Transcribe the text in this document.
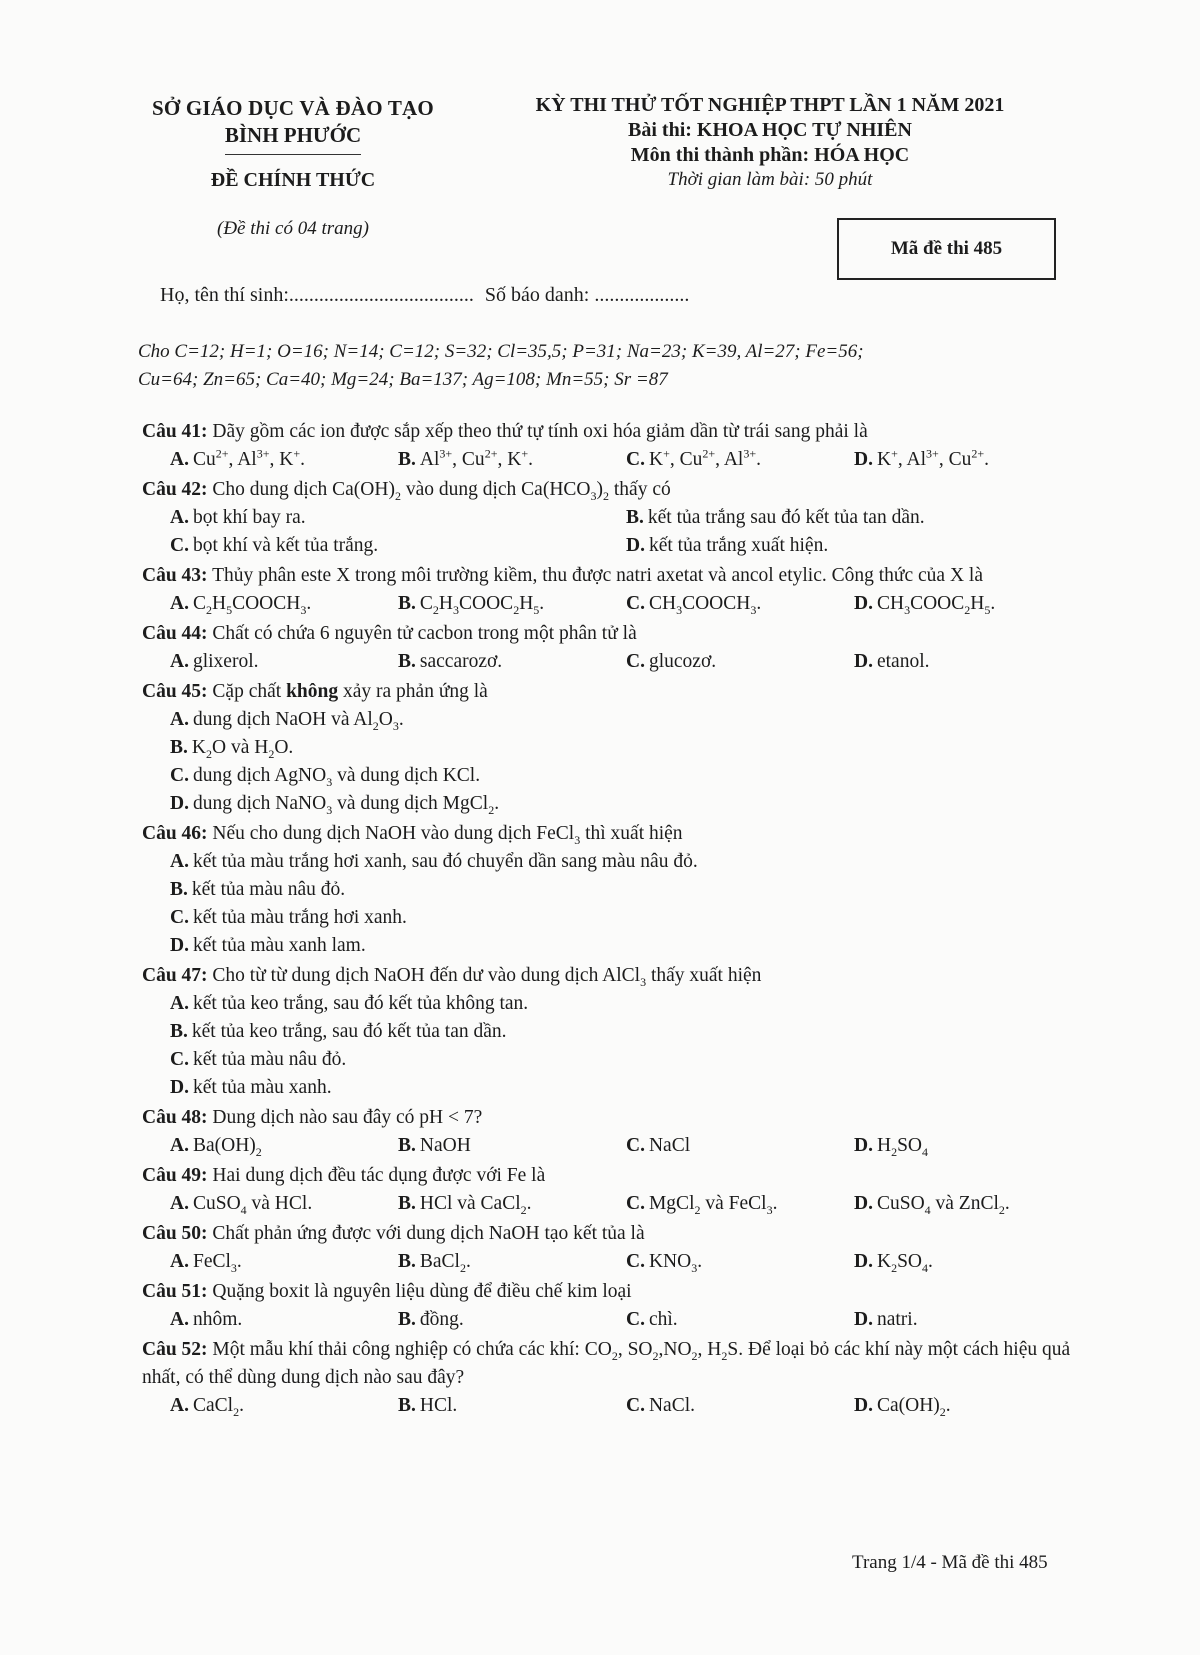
SỞ GIÁO DỤC VÀ ĐÀO TẠO
BÌNH PHƯỚC
ĐỀ CHÍNH THỨC
(Đề thi có 04 trang)
KỲ THI THỬ TỐT NGHIỆP THPT LẦN 1 NĂM 2021
Bài thi: KHOA HỌC TỰ NHIÊN
Môn thi thành phần: HÓA HỌC
Thời gian làm bài: 50 phút
Mã đề thi 485
Họ, tên thí sinh:..................................... Số báo danh: ...................
Cho C=12; H=1; O=16; N=14; C=12; S=32; Cl=35,5; P=31; Na=23; K=39, Al=27; Fe=56;
Cu=64; Zn=65; Ca=40; Mg=24; Ba=137; Ag=108; Mn=55; Sr =87
Câu 41: Dãy gồm các ion được sắp xếp theo thứ tự tính oxi hóa giảm dần từ trái sang phải là
A. $Cu^{2+}$, $Al^{3+}$, K+.	B. $Al^{3+}$, $Cu^{2+}$, K+.	C. K+, $Cu^{2+}$, $Al^{3+}$.	D. K+, $Al^{3+}$, $Cu^{2+}$.
Câu 42: Cho dung dịch $Ca(OH)_2$ vào dung dịch $Ca(HCO_3)_2$ thấy có
A. bọt khí bay ra.	B. kết tủa trắng sau đó kết tủa tan dần.
C. bọt khí và kết tủa trắng.	D. kết tủa trắng xuất hiện.
Câu 43: Thủy phân este X trong môi trường kiềm, thu được natri axetat và ancol etylic. Công thức của X là
A. $C_2H_5COOCH_3$.	B. $C_2H_3COOC_2H_5$.	C. $CH_3COOCH_3$.	D. $CH_3COOC_2H_5$.
Câu 44: Chất có chứa 6 nguyên tử cacbon trong một phân tử là
A. glixerol.	B. saccarozơ.	C. glucozơ.	D. etanol.
Câu 45: Cặp chất không xảy ra phản ứng là
A. dung dịch NaOH và $Al_2O_3$.
B. $K_2O$ và $H_2O$.
C. dung dịch AgNO$_3$ và dung dịch KCl.
D. dung dịch NaNO$_3$ và dung dịch MgCl$_2$.
Câu 46: Nếu cho dung dịch NaOH vào dung dịch FeCl$_3$ thì xuất hiện
A. kết tủa màu trắng hơi xanh, sau đó chuyển dần sang màu nâu đỏ.
B. kết tủa màu nâu đỏ.
C. kết tủa màu trắng hơi xanh.
D. kết tủa màu xanh lam.
Câu 47: Cho từ từ dung dịch NaOH đến dư vào dung dịch AlCl$_3$ thấy xuất hiện
A. kết tủa keo trắng, sau đó kết tủa không tan.
B. kết tủa keo trắng, sau đó kết tủa tan dần.
C. kết tủa màu nâu đỏ.
D. kết tủa màu xanh.
Câu 48: Dung dịch nào sau đây có pH < 7?
A. $Ba(OH)_2$	B. NaOH	C. NaCl	D. $H_2SO_4$
Câu 49: Hai dung dịch đều tác dụng được với Fe là
A. CuSO$_4$ và HCl.	B. HCl và CaCl$_2$.	C. MgCl$_2$ và FeCl$_3$.	D. CuSO$_4$ và ZnCl$_2$.
Câu 50: Chất phản ứng được với dung dịch NaOH tạo kết tủa là
A. FeCl$_3$.	B. BaCl$_2$.	C. $KNO_3$.	D. $K_2SO_4$.
Câu 51: Quặng boxit là nguyên liệu dùng để điều chế kim loại
A. nhôm.	B. đồng.	C. chì.	D. natri.
Câu 52: Một mẫu khí thải công nghiệp có chứa các khí: $CO_2$, $SO_2,NO_2$, $H_2S$. Để loại bỏ các khí này một cách hiệu quả nhất, có thể dùng dung dịch nào sau đây?
A. CaCl$_2$.	B. HCl.	C. NaCl.	D. $Ca(OH)_2$.
Trang 1/4 - Mã đề thi 485
